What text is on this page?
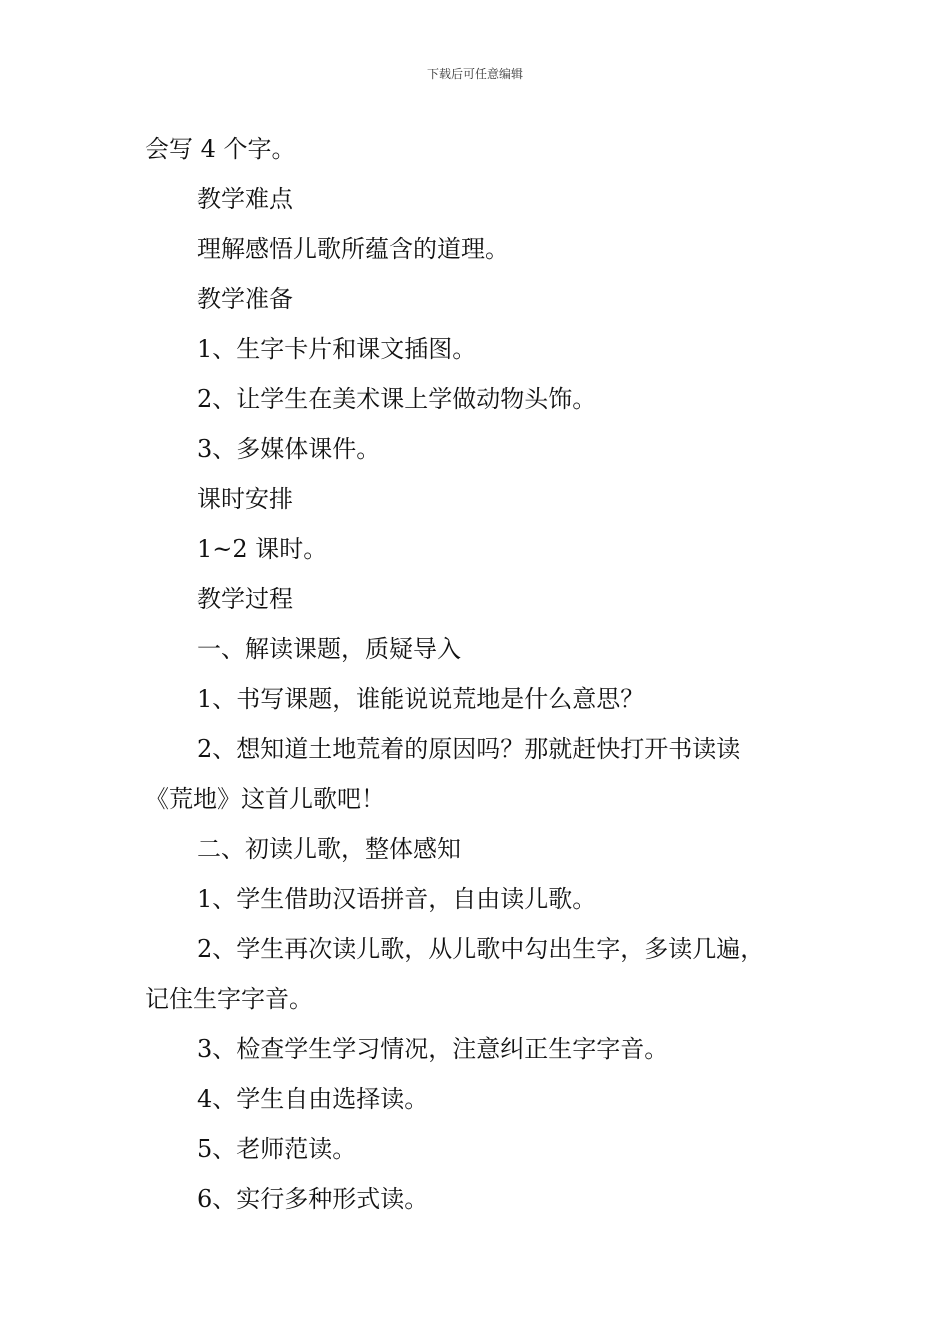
下载后可任意编辑
会写 4 个字。
教学难点
理解感悟儿歌所蕴含的道理。
教学准备
1、生字卡片和课文插图。
2、让学生在美术课上学做动物头饰。
3、多媒体课件。
课时安排
1~2 课时。
教学过程
一、解读课题，质疑导入
1、书写课题，谁能说说荒地是什么意思？
2、想知道土地荒着的原因吗？那就赶快打开书读读
《荒地》这首儿歌吧！
二、初读儿歌，整体感知
1、学生借助汉语拼音，自由读儿歌。
2、学生再次读儿歌，从儿歌中勾出生字，多读几遍，
记住生字字音。
3、检查学生学习情况，注意纠正生字字音。
4、学生自由选择读。
5、老师范读。
6、实行多种形式读。
